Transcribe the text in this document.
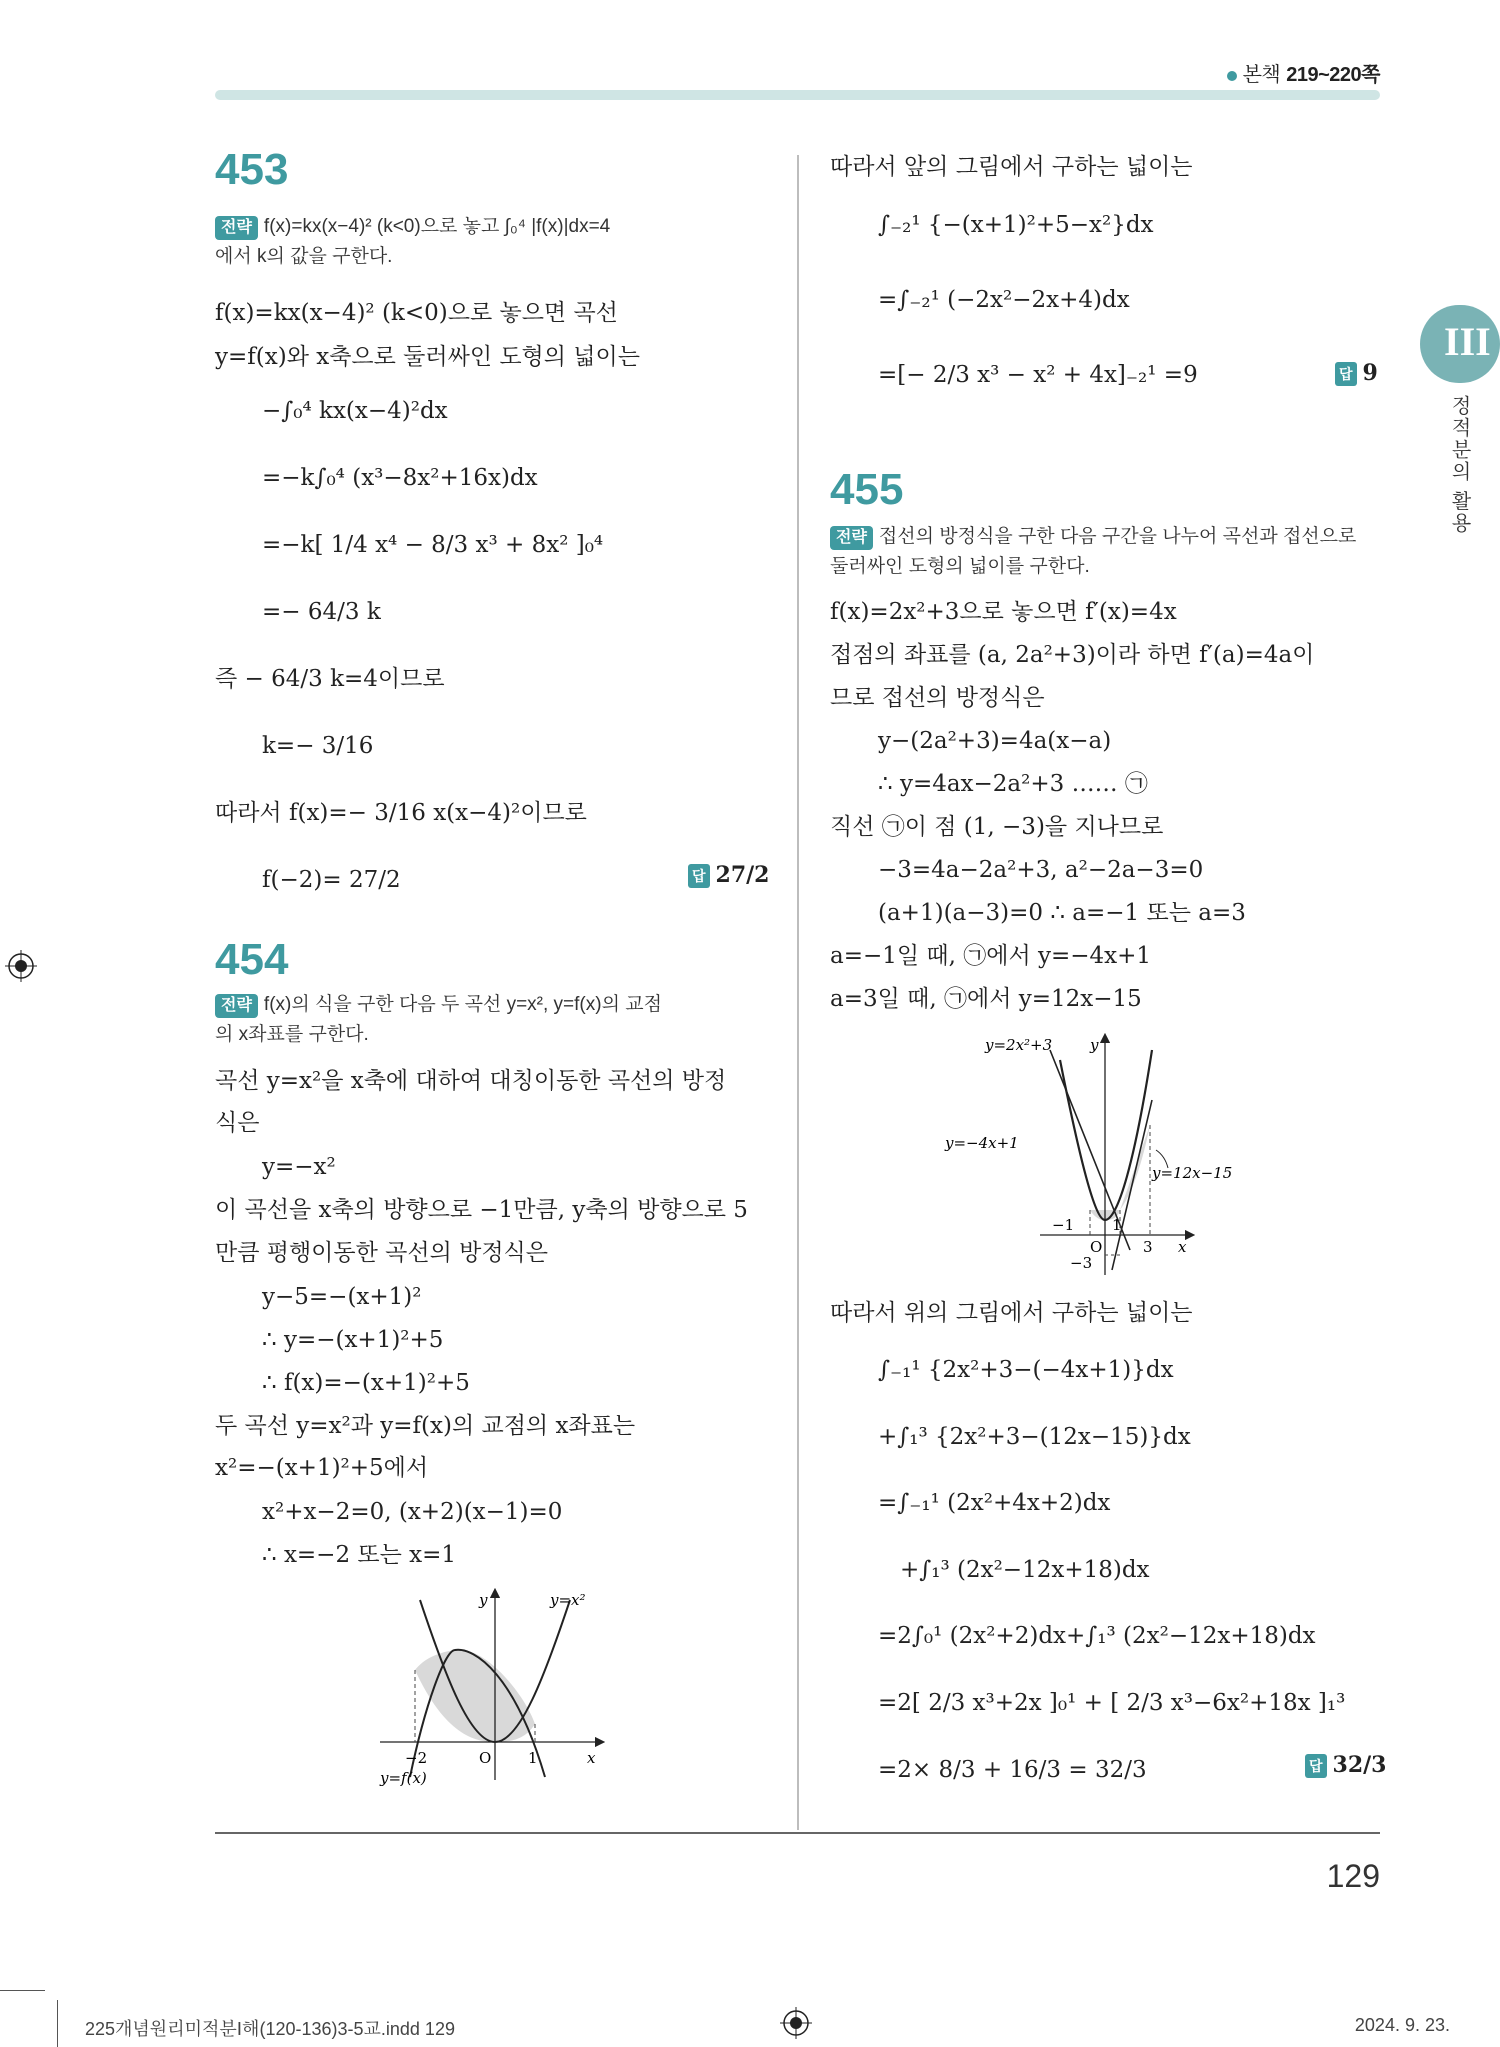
본책 219~220쪽
III
정적분의 활용
453
전략 f(x)=kx(x−4)² (k<0)으로 놓고 ∫₀⁴ |f(x)|dx=4
에서 k의 값을 구한다.
f(x)=kx(x−4)² (k<0)으로 놓으면 곡선
y=f(x)와 x축으로 둘러싸인 도형의 넓이는
−∫₀⁴ kx(x−4)²dx
=−k∫₀⁴ (x³−8x²+16x)dx
=−k[ 1/4 x⁴ − 8/3 x³ + 8x² ]₀⁴
=− 64/3 k
즉 − 64/3 k=4이므로
k=− 3/16
따라서 f(x)=− 3/16 x(x−4)²이므로
f(−2)= 27/2	답 27/2
454
전략 f(x)의 식을 구한 다음 두 곡선 y=x², y=f(x)의 교점
의 x좌표를 구한다.
곡선 y=x²을 x축에 대하여 대칭이동한 곡선의 방정
식은
y=−x²
이 곡선을 x축의 방향으로 −1만큼, y축의 방향으로 5
만큼 평행이동한 곡선의 방정식은
y−5=−(x+1)²
∴ y=−(x+1)²+5
∴ f(x)=−(x+1)²+5
두 곡선 y=x²과 y=f(x)의 교점의 x좌표는
x²=−(x+1)²+5에서
x²+x−2=0, (x+2)(x−1)=0
∴ x=−2 또는 x=1
y
x
y=x²
y=f(x)
−2	O 1
따라서 앞의 그림에서 구하는 넓이는
∫₋₂¹ {−(x+1)²+5−x²}dx
=∫₋₂¹ (−2x²−2x+4)dx
=[− 2/3 x³ − x² + 4x]₋₂¹ =9	답 9
455
전략 접선의 방정식을 구한 다음 구간을 나누어 곡선과 접선으로
둘러싸인 도형의 넓이를 구한다.
f(x)=2x²+3으로 놓으면 f′(x)=4x
접점의 좌표를 (a, 2a²+3)이라 하면 f′(a)=4a이
므로 접선의 방정식은
y−(2a²+3)=4a(x−a)
∴ y=4ax−2a²+3 …… ㉠
직선 ㉠이 점 (1, −3)을 지나므로
−3=4a−2a²+3, a²−2a−3=0
(a+1)(a−3)=0 ∴ a=−1 또는 a=3
a=−1일 때, ㉠에서 y=−4x+1
a=3일 때, ㉠에서 y=12x−15
y=2x²+3	y
y=−4x+1
y=12x−15
−1	1
O	3 x
−3
따라서 위의 그림에서 구하는 넓이는
∫₋₁¹ {2x²+3−(−4x+1)}dx
+∫₁³ {2x²+3−(12x−15)}dx
=∫₋₁¹ (2x²+4x+2)dx
+∫₁³ (2x²−12x+18)dx
=2∫₀¹ (2x²+2)dx+∫₁³ (2x²−12x+18)dx
=2[ 2/3 x³+2x ]₀¹ + [ 2/3 x³−6x²+18x ]₁³
=2× 8/3 + 16/3 = 32/3	답 32/3
129
225개념원리미적분Ⅰ해(120-136)3-5교.indd 129	2024. 9. 23.
